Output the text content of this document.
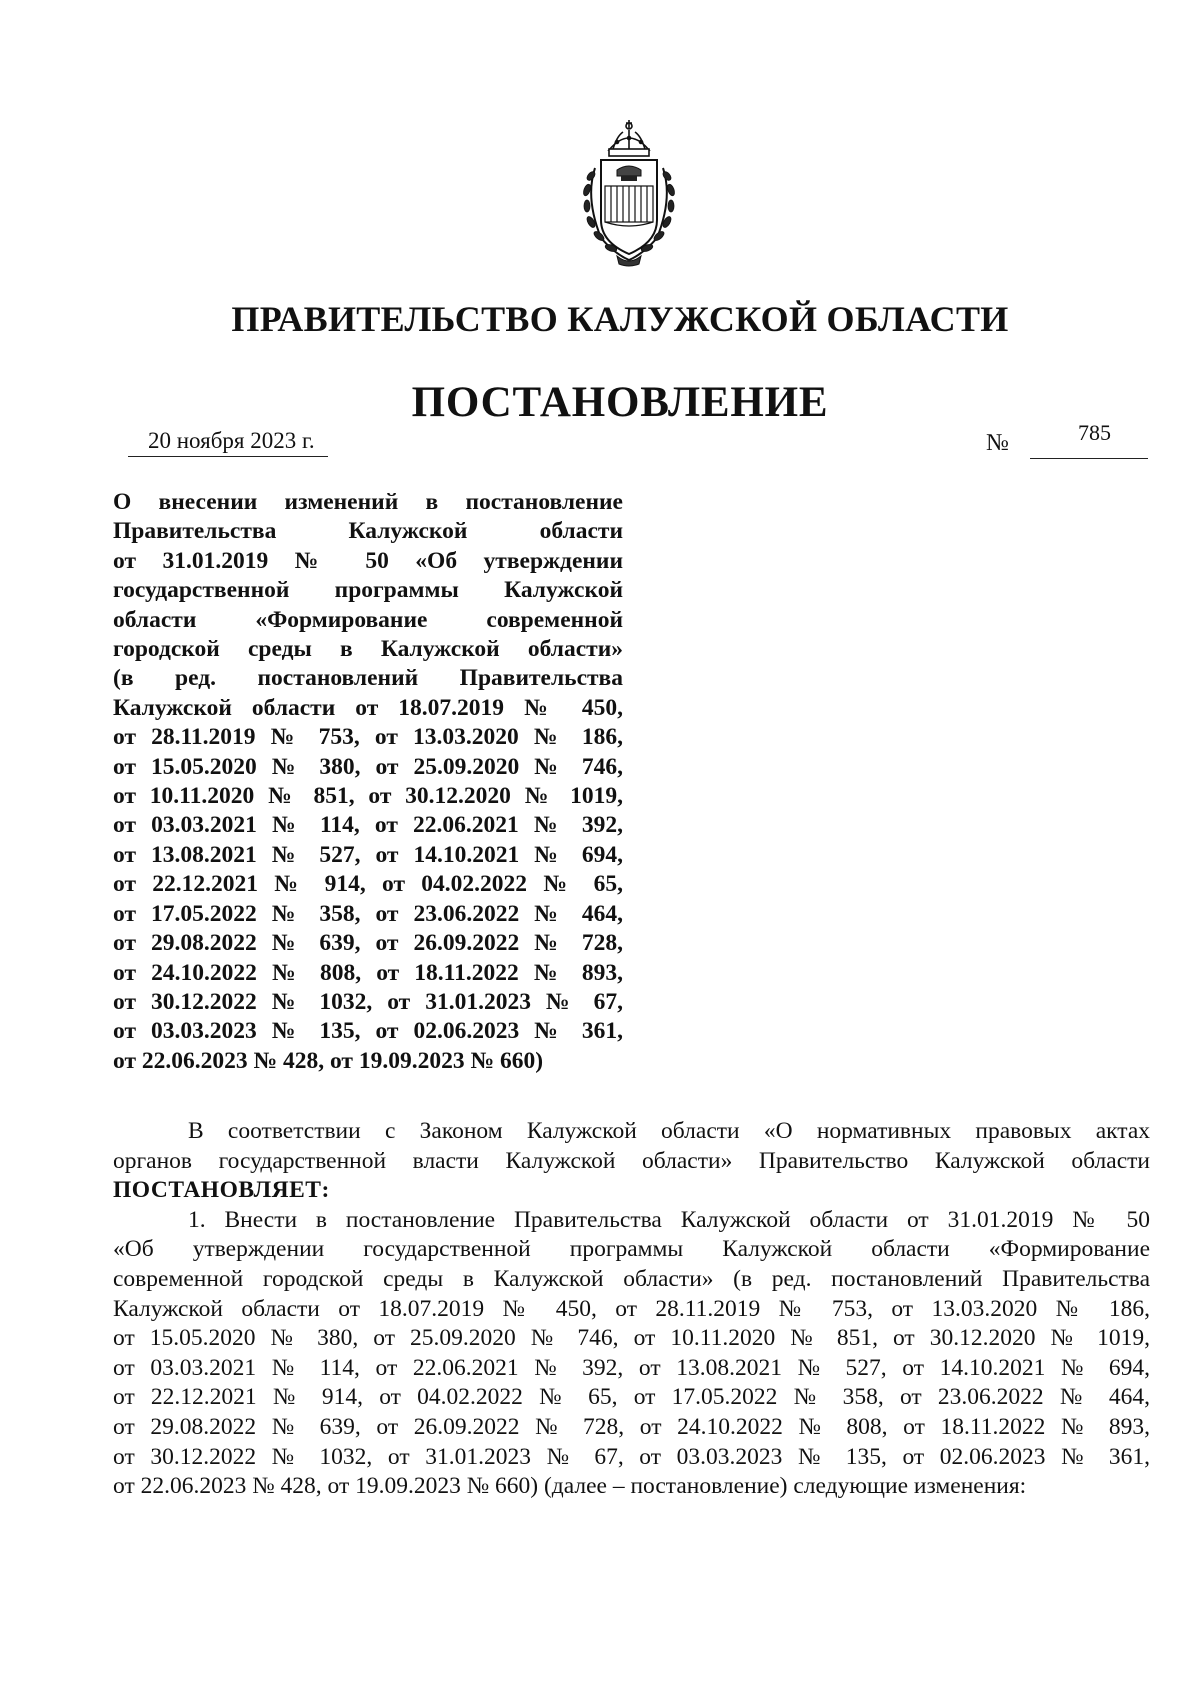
ПРАВИТЕЛЬСТВО КАЛУЖСКОЙ ОБЛАСТИ
ПОСТАНОВЛЕНИЕ
20 ноября 2023 г.	№	785
О внесении изменений в постановление
Правительства Калужской области
от 31.01.2019 № 50 «Об утверждении
государственной программы Калужской
области «Формирование современной
городской среды в Калужской области»
(в ред. постановлений Правительства
Калужской области от 18.07.2019 № 450,
от 28.11.2019 № 753, от 13.03.2020 № 186,
от 15.05.2020 № 380, от 25.09.2020 № 746,
от 10.11.2020 № 851, от 30.12.2020 № 1019,
от 03.03.2021 № 114, от 22.06.2021 № 392,
от 13.08.2021 № 527, от 14.10.2021 № 694,
от 22.12.2021 № 914, от 04.02.2022 № 65,
от 17.05.2022 № 358, от 23.06.2022 № 464,
от 29.08.2022 № 639, от 26.09.2022 № 728,
от 24.10.2022 № 808, от 18.11.2022 № 893,
от 30.12.2022 № 1032, от 31.01.2023 № 67,
от 03.03.2023 № 135, от 02.06.2023 № 361,
от 22.06.2023 № 428, от 19.09.2023 № 660)
В соответствии с Законом Калужской области «О нормативных правовых актах
органов государственной власти Калужской области» Правительство Калужской области
ПОСТАНОВЛЯЕТ:
1. Внести в постановление Правительства Калужской области от 31.01.2019 № 50
«Об утверждении государственной программы Калужской области «Формирование
современной городской среды в Калужской области» (в ред. постановлений Правительства
Калужской области от 18.07.2019 № 450, от 28.11.2019 № 753, от 13.03.2020 № 186,
от 15.05.2020 № 380, от 25.09.2020 № 746, от 10.11.2020 № 851, от 30.12.2020 № 1019,
от 03.03.2021 № 114, от 22.06.2021 № 392, от 13.08.2021 № 527, от 14.10.2021 № 694,
от 22.12.2021 № 914, от 04.02.2022 № 65, от 17.05.2022 № 358, от 23.06.2022 № 464,
от 29.08.2022 № 639, от 26.09.2022 № 728, от 24.10.2022 № 808, от 18.11.2022 № 893,
от 30.12.2022 № 1032, от 31.01.2023 № 67, от 03.03.2023 № 135, от 02.06.2023 № 361,
от 22.06.2023 № 428, от 19.09.2023 № 660) (далее – постановление) следующие изменения:
